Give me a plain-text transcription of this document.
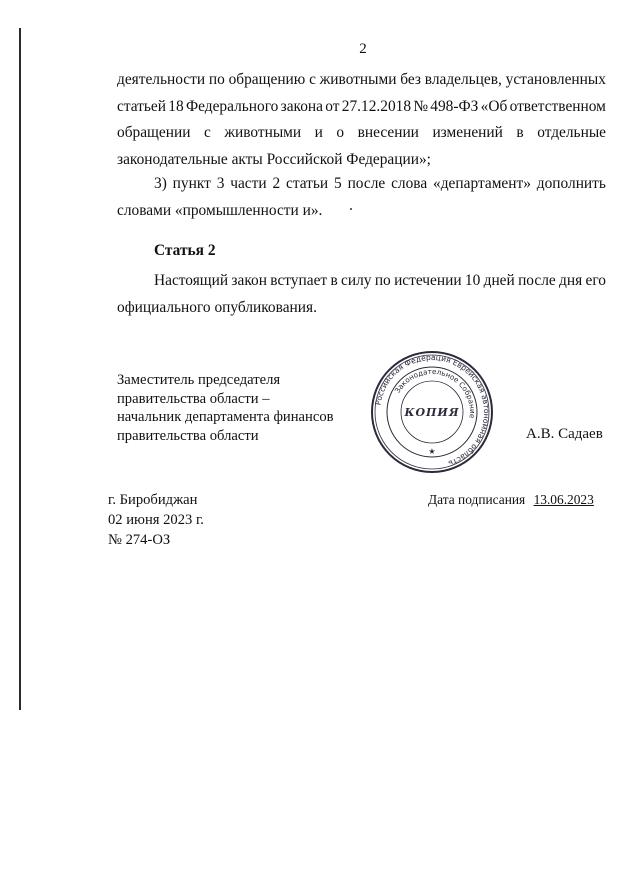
2
деятельности по обращению с животными без владельцев, установленных
статьей 18 Федерального закона от 27.12.2018 № 498-ФЗ «Об ответственном
обращении с животными и о внесении изменений в отдельные
законодательные акты Российской Федерации»;
3) пункт 3 части 2 статьи 5 после слова «департамент» дополнить
словами «промышленности и».
Статья 2
Настоящий закон вступает в силу по истечении 10 дней после дня его
официального опубликования.
Заместитель председателя
правительства области –
начальник департамента финансов
правительства области
Российская Федерация Еврейская автономная область
Законодательное Собрание
КОПИЯ
★
А.В. Садаев
г. Биробиджан
02 июня 2023 г.
№ 274-ОЗ
Дата подписания 13.06.2023
